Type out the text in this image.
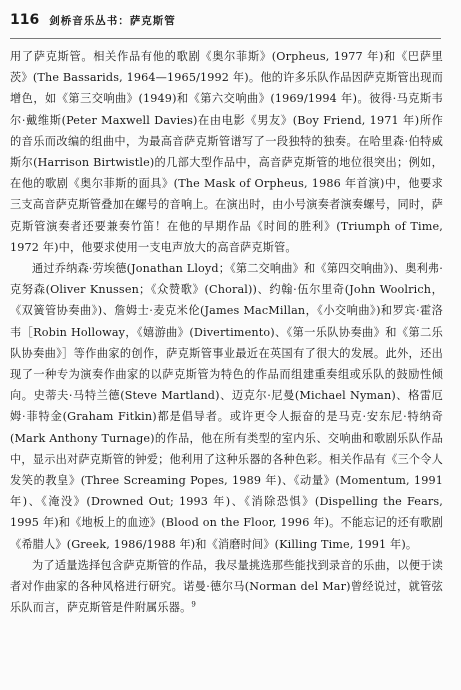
116 剑桥音乐丛书：萨克斯管

用了萨克斯管。相关作品有他的歌剧《奥尔菲斯》(Orpheus, 1977 年)和《巴萨里茨》(The Bassarids, 1964—1965/1992 年)。他的许多乐队作品因萨克斯管出现而增色，如《第三交响曲》(1949)和《第六交响曲》(1969/1994 年)。彼得·马克斯韦尔·戴维斯(Peter Maxwell Davies)在由电影《男友》(Boy Friend, 1971 年)所作的音乐而改编的组曲中，为最高音萨克斯管谱写了一段独特的独奏。在哈里森·伯特威斯尔(Harrison Birtwistle)的几部大型作品中，高音萨克斯管的地位很突出；例如，在他的歌剧《奥尔菲斯的面具》(The Mask of Orpheus, 1986 年首演)中，他要求三支高音萨克斯管叠加在螺号的音响上。在演出时，由小号演奏者演奏螺号，同时，萨克斯管演奏者还要兼奏竹笛！在他的早期作品《时间的胜利》(Triumph of Time, 1972 年)中，他要求使用一支电声放大的高音萨克斯管。

通过乔纳森·劳埃德(Jonathan Lloyd；《第二交响曲》和《第四交响曲》)、奥利弗·克努森(Oliver Knussen；《众赞歌》(Choral))、约翰·伍尔里奇(John Woolrich，《双簧管协奏曲》)、詹姆士·麦克米伦(James MacMillan，《小交响曲》)和罗宾·霍洛韦［Robin Holloway，《嬉游曲》(Divertimento)、《第一乐队协奏曲》和《第二乐队协奏曲》］等作曲家的创作，萨克斯管事业最近在英国有了很大的发展。此外，还出现了一种专为演奏作曲家的以萨克斯管为特色的作品而组建重奏组或乐队的鼓励性倾向。史蒂夫·马特兰德(Steve Martland)、迈克尔·尼曼(Michael Nyman)、格雷厄姆·菲特金(Graham Fitkin)都是倡导者。或许更令人振奋的是马克·安东尼·特纳奇(Mark Anthony Turnage)的作品，他在所有类型的室内乐、交响曲和歌剧乐队作品中，显示出对萨克斯管的钟爱；他利用了这种乐器的各种色彩。相关作品有《三个令人发笑的教皇》(Three Screaming Popes, 1989 年)、《动量》(Momentum, 1991 年)、《淹没》(Drowned Out; 1993 年)、《消除恐惧》(Dispelling the Fears, 1995 年)和《地板上的血迹》(Blood on the Floor, 1996 年)。不能忘记的还有歌剧《希腊人》(Greek, 1986/1988 年)和《消磨时间》(Killing Time, 1991 年)。

为了适量选择包含萨克斯管的作品，我尽量挑选那些能找到录音的乐曲，以便于读者对作曲家的各种风格进行研究。诺曼·德尔马(Norman del Mar)曾经说过，就管弦乐队而言，萨克斯管是件附属乐器。$^9$
